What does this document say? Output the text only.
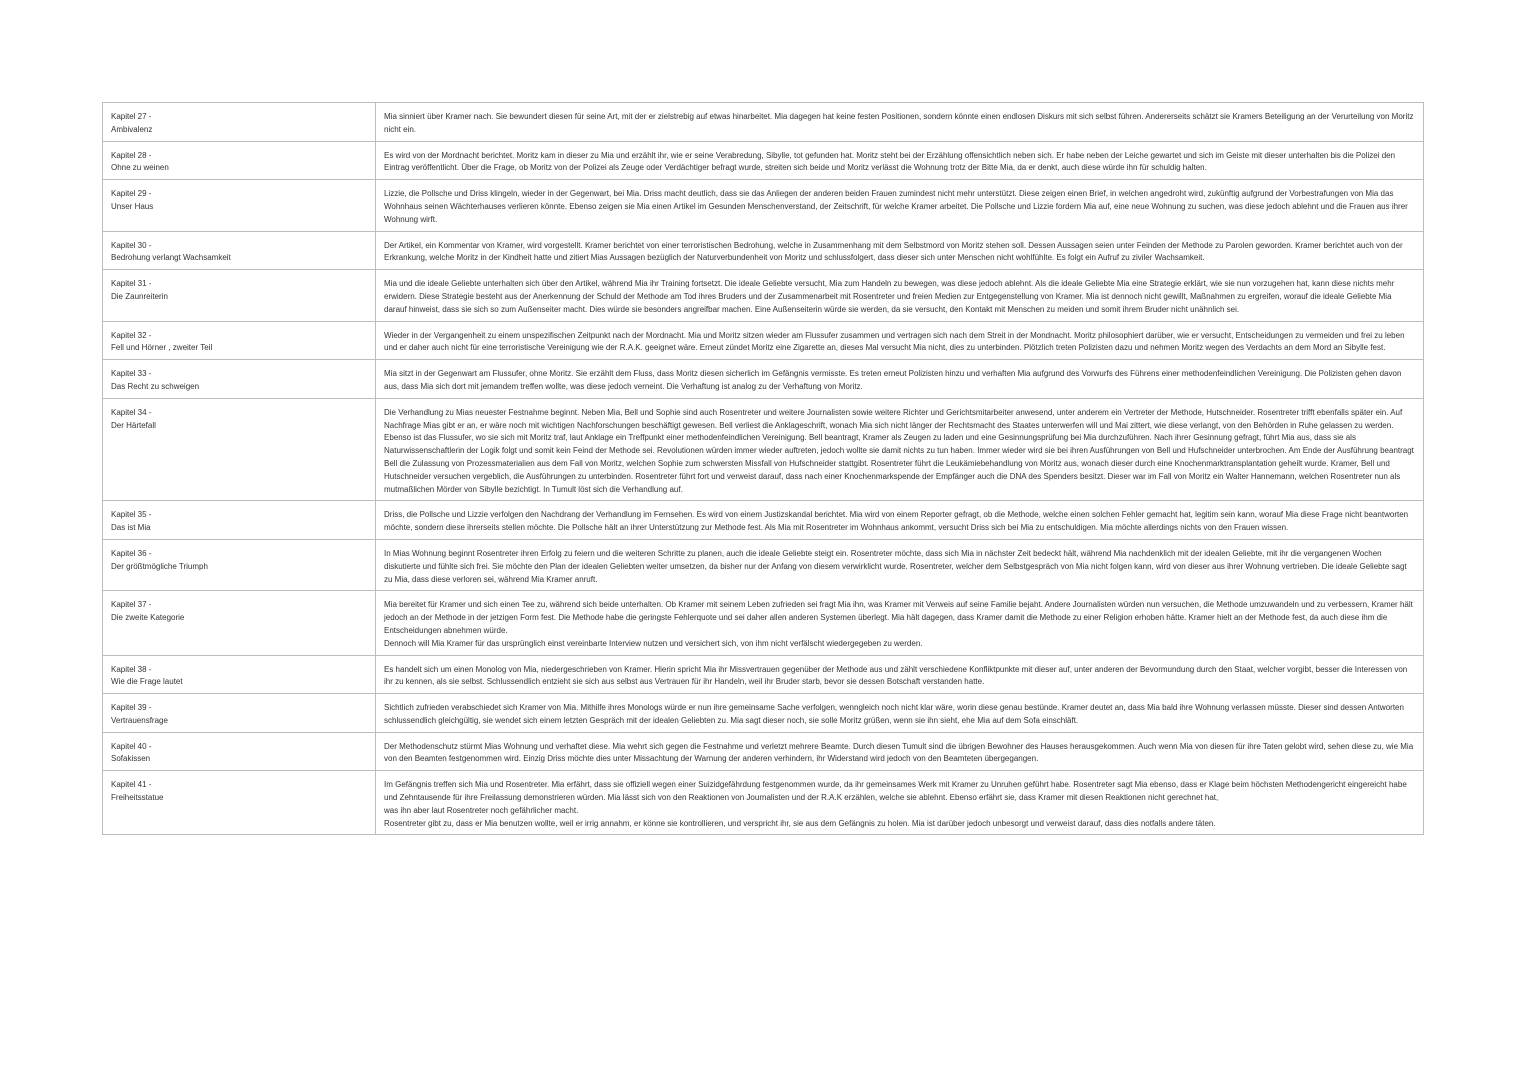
Kapitel 27 -
Ambivalenz	Mia sinniert über Kramer nach. Sie bewundert diesen für seine Art, mit der er zielstrebig auf etwas hinarbeitet. Mia dagegen hat keine festen Positionen, sondern könnte einen endlosen Diskurs mit sich selbst führen. Andererseits schätzt sie Kramers Beteiligung an der Verurteilung von Moritz nicht ein.
Kapitel 28 -
Ohne zu weinen	Es wird von der Mordnacht berichtet. Moritz kam in dieser zu Mia und erzählt ihr, wie er seine Verabredung, Sibylle, tot gefunden hat. Moritz steht bei der Erzählung offensichtlich neben sich. Er habe neben der Leiche gewartet und sich im Geiste mit dieser unterhalten bis die Polizei den Eintrag veröffentlicht. Über die Frage, ob Moritz von der Polizei als Zeuge oder Verdächtiger befragt wurde, streiten sich beide und Moritz verlässt die Wohnung trotz der Bitte Mia, da er denkt, auch diese würde ihn für schuldig halten.
Kapitel 29 -
Unser Haus	Lizzie, die Pollsche und Driss klingeln, wieder in der Gegenwart, bei Mia. Driss macht deutlich, dass sie das Anliegen der anderen beiden Frauen zumindest nicht mehr unterstützt. Diese zeigen einen Brief, in welchen angedroht wird, zukünftig aufgrund der Vorbestrafungen von Mia das Wohnhaus seinen Wächterhauses verlieren könnte. Ebenso zeigen sie Mia einen Artikel im Gesunden Menschenverstand, der Zeitschrift, für welche Kramer arbeitet. Die Pollsche und Lizzie fordern Mia auf, eine neue Wohnung zu suchen, was diese jedoch ablehnt und die Frauen aus ihrer Wohnung wirft.
Kapitel 30 -
Bedrohung verlangt Wachsamkeit	Der Artikel, ein Kommentar von Kramer, wird vorgestellt. Kramer berichtet von einer terroristischen Bedrohung, welche in Zusammenhang mit dem Selbstmord von Moritz stehen soll. Dessen Aussagen seien unter Feinden der Methode zu Parolen geworden. Kramer berichtet auch von der Erkrankung, welche Moritz in der Kindheit hatte und zitiert Mias Aussagen bezüglich der Naturverbundenheit von Moritz und schlussfolgert, dass dieser sich unter Menschen nicht wohlfühlte. Es folgt ein Aufruf zu ziviler Wachsamkeit.
Kapitel 31 -
Die Zaunreiterin	Mia und die ideale Geliebte unterhalten sich über den Artikel, während Mia ihr Training fortsetzt. Die ideale Geliebte versucht, Mia zum Handeln zu bewegen, was diese jedoch ablehnt. Als die ideale Geliebte Mia eine Strategie erklärt, wie sie nun vorzugehen hat, kann diese nichts mehr erwidern. Diese Strategie besteht aus der Anerkennung der Schuld der Methode am Tod ihres Bruders und der Zusammenarbeit mit Rosentreter und freien Medien zur Entgegenstellung von Kramer. Mia ist dennoch nicht gewillt, Maßnahmen zu ergreifen, worauf die ideale Geliebte Mia darauf hinweist, dass sie sich so zum Außenseiter macht. Dies würde sie besonders angreifbar machen. Eine Außenseiterin würde sie werden, da sie versucht, den Kontakt mit Menschen zu meiden und somit ihrem Bruder nicht unähnlich sei.
Kapitel 32 -
Fell und Hörner , zweiter Teil	Wieder in der Vergangenheit zu einem unspezifischen Zeitpunkt nach der Mordnacht. Mia und Moritz sitzen wieder am Flussufer zusammen und vertragen sich nach dem Streit in der Mondnacht. Moritz philosophiert darüber, wie er versucht, Entscheidungen zu vermeiden und frei zu leben und er daher auch nicht für eine terroristische Vereinigung wie der R.A.K. geeignet wäre. Erneut zündet Moritz eine Zigarette an, dieses Mal versucht Mia nicht, dies zu unterbinden. Plötzlich treten Polizisten dazu und nehmen Moritz wegen des Verdachts an dem Mord an Sibylle fest.
Kapitel 33 -
Das Recht zu schweigen	Mia sitzt in der Gegenwart am Flussufer, ohne Moritz. Sie erzählt dem Fluss, dass Moritz diesen sicherlich im Gefängnis vermisste. Es treten erneut Polizisten hinzu und verhaften Mia aufgrund des Vorwurfs des Führens einer methodenfeindlichen Vereinigung. Die Polizisten gehen davon aus, dass Mia sich dort mit jemandem treffen wollte, was diese jedoch verneint. Die Verhaftung ist analog zu der Verhaftung von Moritz.
Kapitel 34 -
Der Härtefall	Die Verhandlung zu Mias neuester Festnahme beginnt. Neben Mia, Bell und Sophie sind auch Rosentreter und weitere Journalisten sowie weitere Richter und Gerichtsmitarbeiter anwesend, unter anderem ein Vertreter der Methode, Hutschneider. Rosentreter trifft ebenfalls später ein. Auf Nachfrage Mias gibt er an, er wäre noch mit wichtigen Nachforschungen beschäftigt gewesen. Bell verliest die Anklageschrift, wonach Mia sich nicht länger der Rechtsmacht des Staates unterwerfen will und Mai zittert, wie diese verlangt, von den Behörden in Ruhe gelassen zu werden. Ebenso ist das Flussufer, wo sie sich mit Moritz traf, laut Anklage ein Treffpunkt einer methodenfeindlichen Vereinigung. Bell beantragt, Kramer als Zeugen zu laden und eine Gesinnungsprüfung bei Mia durchzuführen. Nach ihrer Gesinnung gefragt, führt Mia aus, dass sie als Naturwissenschaftlerin der Logik folgt und somit kein Feind der Methode sei. Revolutionen würden immer wieder auftreten, jedoch wollte sie damit nichts zu tun haben. Immer wieder wird sie bei ihren Ausführungen von Bell und Hufschneider unterbrochen. Am Ende der Ausführung beantragt Bell die Zulassung von Prozessmaterialien aus dem Fall von Moritz, welchen Sophie zum schwersten Missfall von Hufschneider stattgibt. Rosentreter führt die Leukämiebehandlung von Moritz aus, wonach dieser durch eine Knochenmarktransplantation geheilt wurde. Kramer, Bell und Hutschneider versuchen vergeblich, die Ausführungen zu unterbinden. Rosentreter führt fort und verweist darauf, dass nach einer Knochenmarkspende der Empfänger auch die DNA des Spenders besitzt. Dieser war im Fall von Moritz ein Walter Hannemann, welchen Rosentreter nun als mutmaßlichen Mörder von Sibylle bezichtigt. In Tumult löst sich die Verhandlung auf.
Kapitel 35 -
Das ist Mia	Driss, die Pollsche und Lizzie verfolgen den Nachdrang der Verhandlung im Fernsehen. Es wird von einem Justizskandal berichtet. Mia wird von einem Reporter gefragt, ob die Methode, welche einen solchen Fehler gemacht hat, legitim sein kann, worauf Mia diese Frage nicht beantworten möchte, sondern diese ihrerseits stellen möchte. Die Pollsche hält an ihrer Unterstützung zur Methode fest. Als Mia mit Rosentreter im Wohnhaus ankommt, versucht Driss sich bei Mia zu entschuldigen. Mia möchte allerdings nichts von den Frauen wissen.
Kapitel 36 -
Der größtmögliche Triumph	In Mias Wohnung beginnt Rosentreter ihren Erfolg zu feiern und die weiteren Schritte zu planen, auch die ideale Geliebte steigt ein. Rosentreter möchte, dass sich Mia in nächster Zeit bedeckt hält, während Mia nachdenklich mit der idealen Geliebte, mit ihr die vergangenen Wochen diskutierte und fühlte sich frei. Sie möchte den Plan der idealen Geliebten weiter umsetzen, da bisher nur der Anfang von diesem verwirklicht wurde. Rosentreter, welcher dem Selbstgespräch von Mia nicht folgen kann, wird von dieser aus ihrer Wohnung vertrieben. Die ideale Geliebte sagt zu Mia, dass diese verloren sei, während Mia Kramer anruft.
Kapitel 37 -
Die zweite Kategorie	Mia bereitet für Kramer und sich einen Tee zu, während sich beide unterhalten. Ob Kramer mit seinem Leben zufrieden sei fragt Mia ihn, was Kramer mit Verweis auf seine Familie bejaht. Andere Journalisten würden nun versuchen, die Methode umzuwandeln und zu verbessern, Kramer hält jedoch an der Methode in der jetzigen Form fest. Die Methode habe die geringste Fehlerquote und sei daher allen anderen Systemen überlegt. Mia hält dagegen, dass Kramer damit die Methode zu einer Religion erhoben hätte. Kramer hielt an der Methode fest, da auch diese ihm die Entscheidungen abnehmen würde.
Dennoch will Mia Kramer für das ursprünglich einst vereinbarte Interview nutzen und versichert sich, von ihm nicht verfälscht wiedergegeben zu werden.
Kapitel 38 -
Wie die Frage lautet	Es handelt sich um einen Monolog von Mia, niedergeschrieben von Kramer. Hierin spricht Mia ihr Missvertrauen gegenüber der Methode aus und zählt verschiedene Konfliktpunkte mit dieser auf, unter anderen der Bevormundung durch den Staat, welcher vorgibt, besser die Interessen von ihr zu kennen, als sie selbst. Schlussendlich entzieht sie sich aus selbst aus Vertrauen für ihr Handeln, weil ihr Bruder starb, bevor sie dessen Botschaft verstanden hatte.
Kapitel 39 -
Vertrauensfrage	Sichtlich zufrieden verabschiedet sich Kramer von Mia. Mithilfe ihres Monologs würde er nun ihre gemeinsame Sache verfolgen, wenngleich noch nicht klar wäre, worin diese genau bestünde. Kramer deutet an, dass Mia bald ihre Wohnung verlassen müsste. Dieser sind dessen Antworten schlussendlich gleichgültig, sie wendet sich einem letzten Gespräch mit der idealen Geliebten zu. Mia sagt dieser noch, sie solle Moritz grüßen, wenn sie ihn sieht, ehe Mia auf dem Sofa einschläft.
Kapitel 40 -
Sofakissen	Der Methodenschutz stürmt Mias Wohnung und verhaftet diese. Mia wehrt sich gegen die Festnahme und verletzt mehrere Beamte. Durch diesen Tumult sind die übrigen Bewohner des Hauses herausgekommen. Auch wenn Mia von diesen für ihre Taten gelobt wird, sehen diese zu, wie Mia von den Beamten festgenommen wird. Einzig Driss möchte dies unter Missachtung der Warnung der anderen verhindern, ihr Widerstand wird jedoch von den Beamteten übergegangen.
Kapitel 41 -
Freiheitsstatue	Im Gefängnis treffen sich Mia und Rosentreter. Mia erfährt, dass sie offiziell wegen einer Suizidgefährdung festgenommen wurde, da ihr gemeinsames Werk mit Kramer zu Unruhen geführt habe. Rosentreter sagt Mia ebenso, dass er Klage beim höchsten Methodengericht eingereicht habe und Zehntausende für ihre Freilassung demonstrieren würden. Mia lässt sich von den Reaktionen von Journalisten und der R.A.K erzählen, welche sie ablehnt. Ebenso erfährt sie, dass Kramer mit diesen Reaktionen nicht gerechnet hat,
was ihn aber laut Rosentreter noch gefährlicher macht.
Rosentreter gibt zu, dass er Mia benutzen wollte, weil er irrig annahm, er könne sie kontrollieren, und verspricht ihr, sie aus dem Gefängnis zu holen. Mia ist darüber jedoch unbesorgt und verweist darauf, dass dies notfalls andere täten.
